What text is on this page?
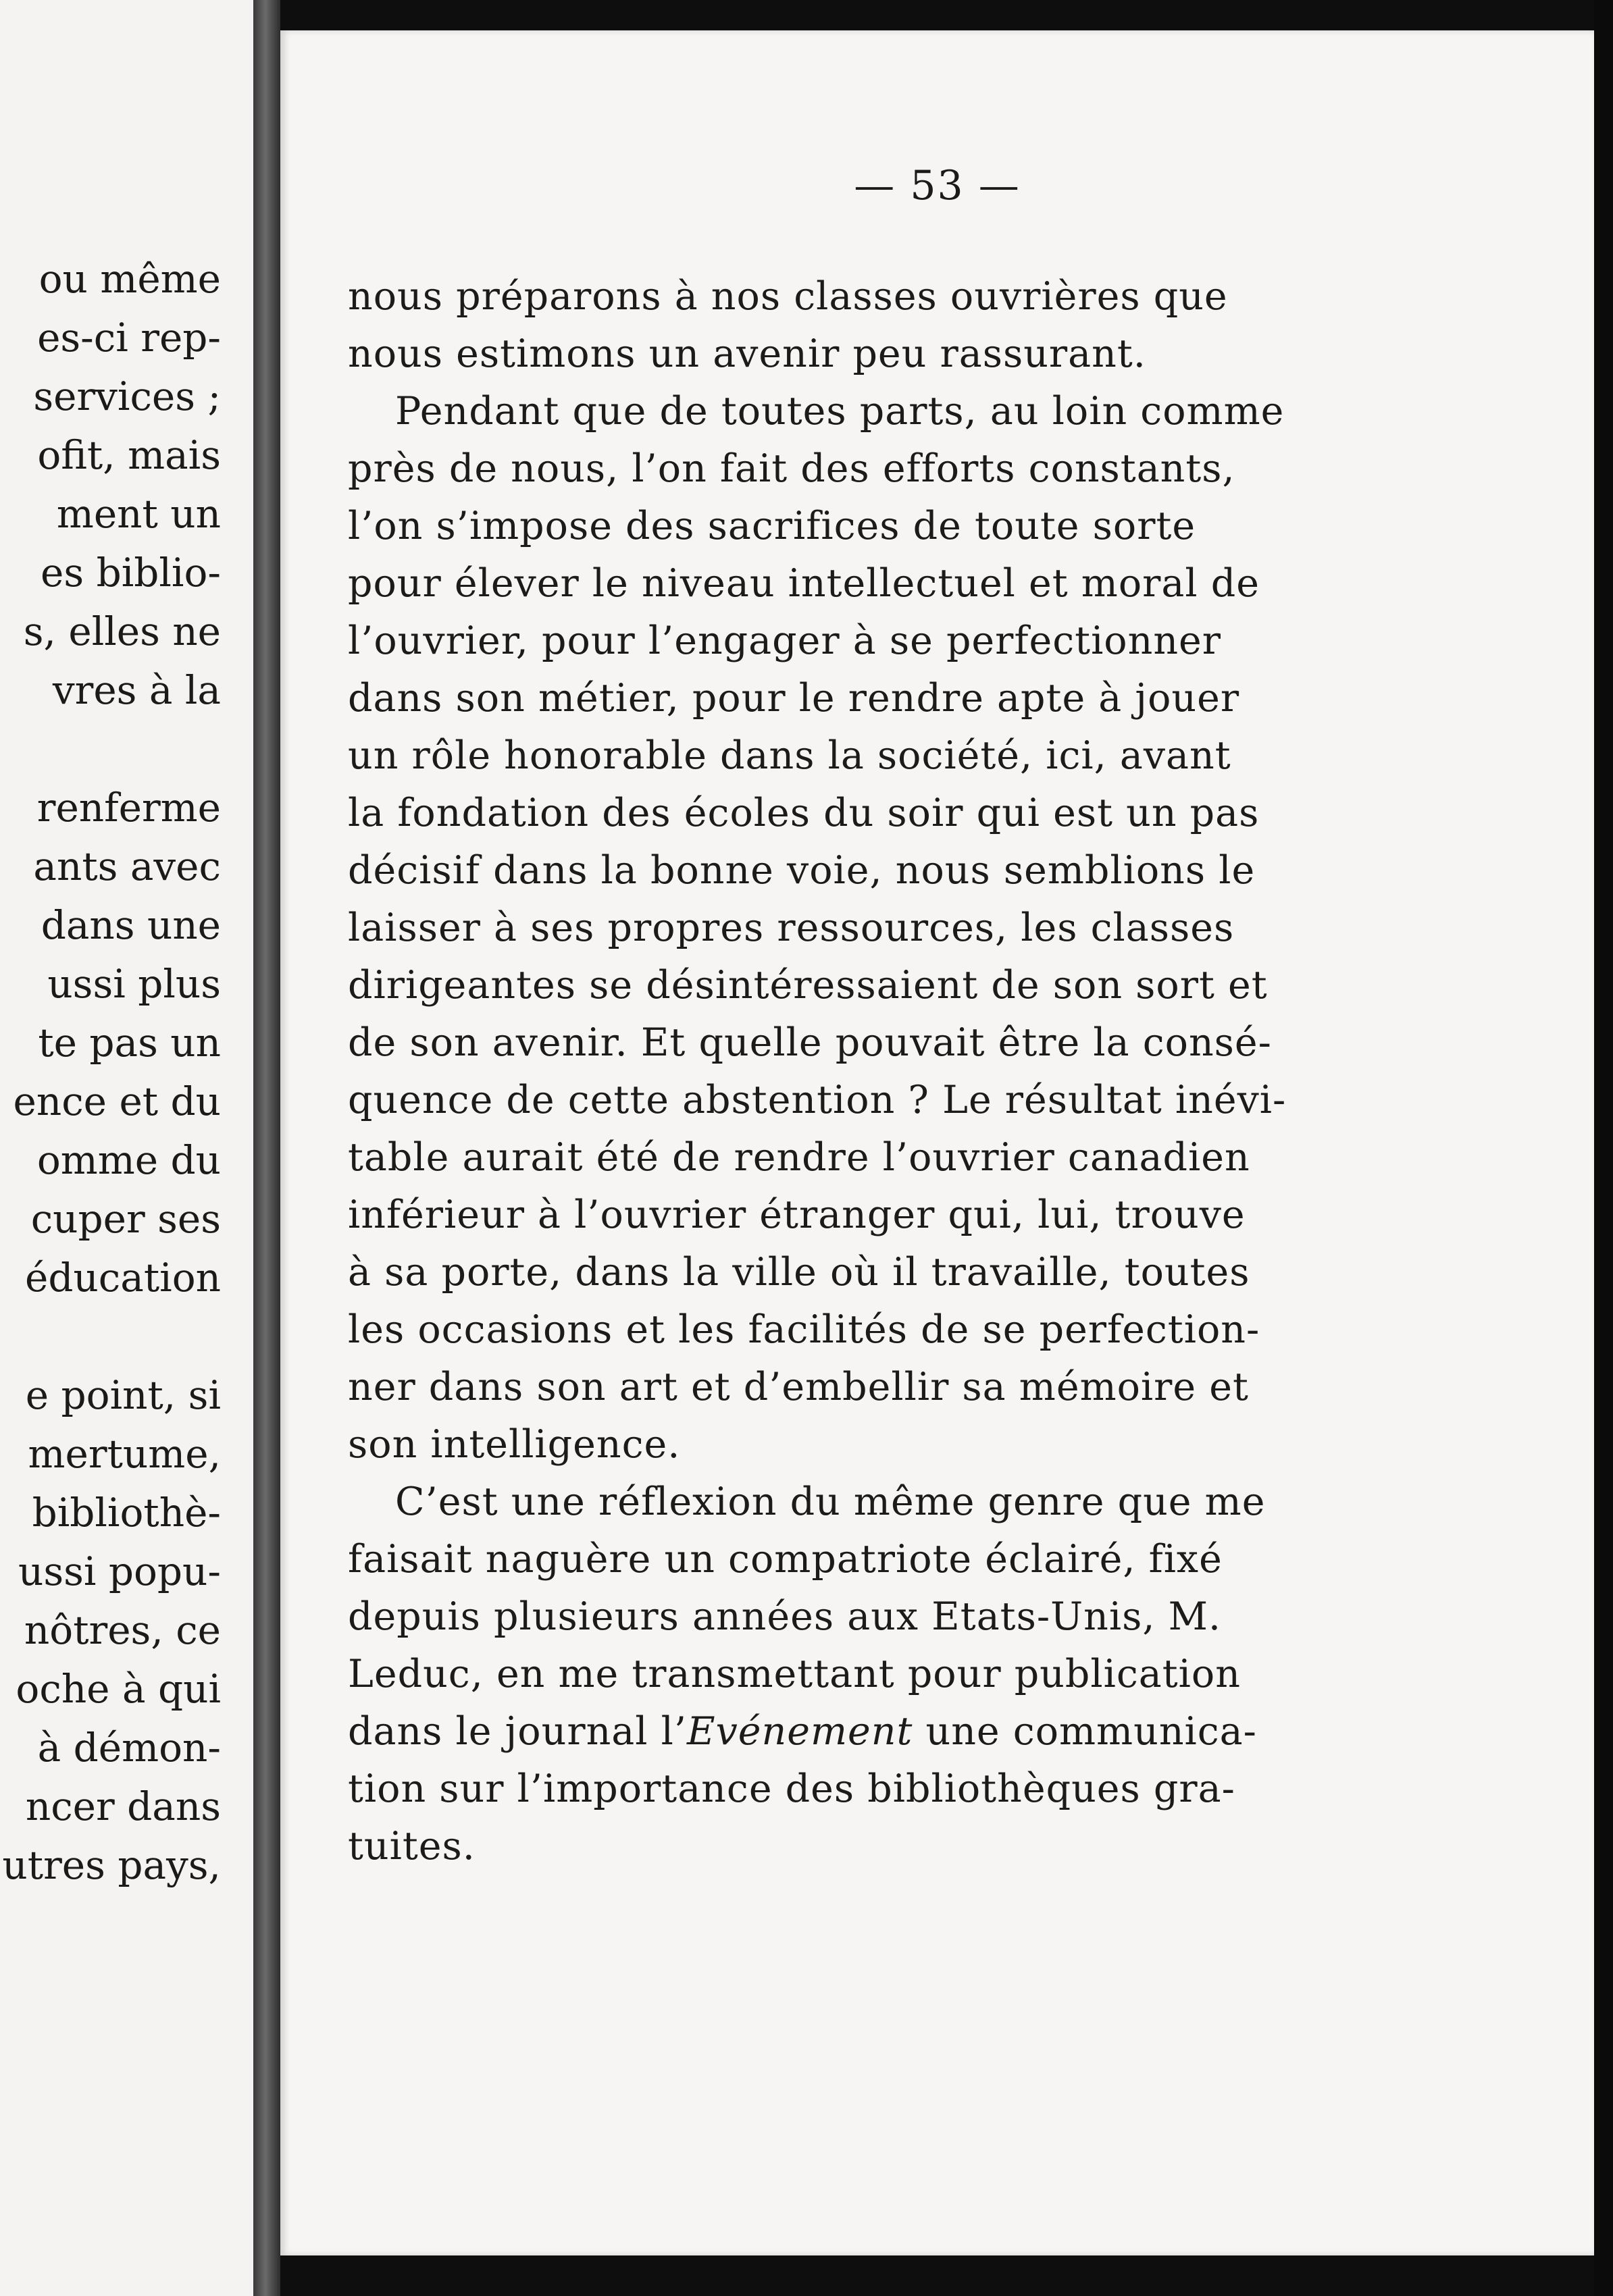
ou même
es-ci rep-
services ;
ofit, mais
ment un
es biblio-
s, elles ne
vres à la
renferme
ants avec
dans une
ussi plus
te pas un
ence et du
omme du
cuper ses
éducation
e point, si
mertume,
bibliothè-
ussi popu-
nôtres, ce
oche à qui
à démon-
ncer dans
utres pays,
— 53 —
nous préparons à nos classes ouvrières que
nous estimons un avenir peu rassurant.
Pendant que de toutes parts, au loin comme
près de nous, l’on fait des efforts constants,
l’on s’impose des sacrifices de toute sorte
pour élever le niveau intellectuel et moral de
l’ouvrier, pour l’engager à se perfectionner
dans son métier, pour le rendre apte à jouer
un rôle honorable dans la société, ici, avant
la fondation des écoles du soir qui est un pas
décisif dans la bonne voie, nous semblions le
laisser à ses propres ressources, les classes
dirigeantes se désintéressaient de son sort et
de son avenir. Et quelle pouvait être la consé-
quence de cette abstention ? Le résultat inévi-
table aurait été de rendre l’ouvrier canadien
inférieur à l’ouvrier étranger qui, lui, trouve
à sa porte, dans la ville où il travaille, toutes
les occasions et les facilités de se perfection-
ner dans son art et d’embellir sa mémoire et
son intelligence.
C’est une réflexion du même genre que me
faisait naguère un compatriote éclairé, fixé
depuis plusieurs années aux Etats-Unis, M.
Leduc, en me transmettant pour publication
dans le journal l’Evénement une communica-
tion sur l’importance des bibliothèques gra-
tuites.
